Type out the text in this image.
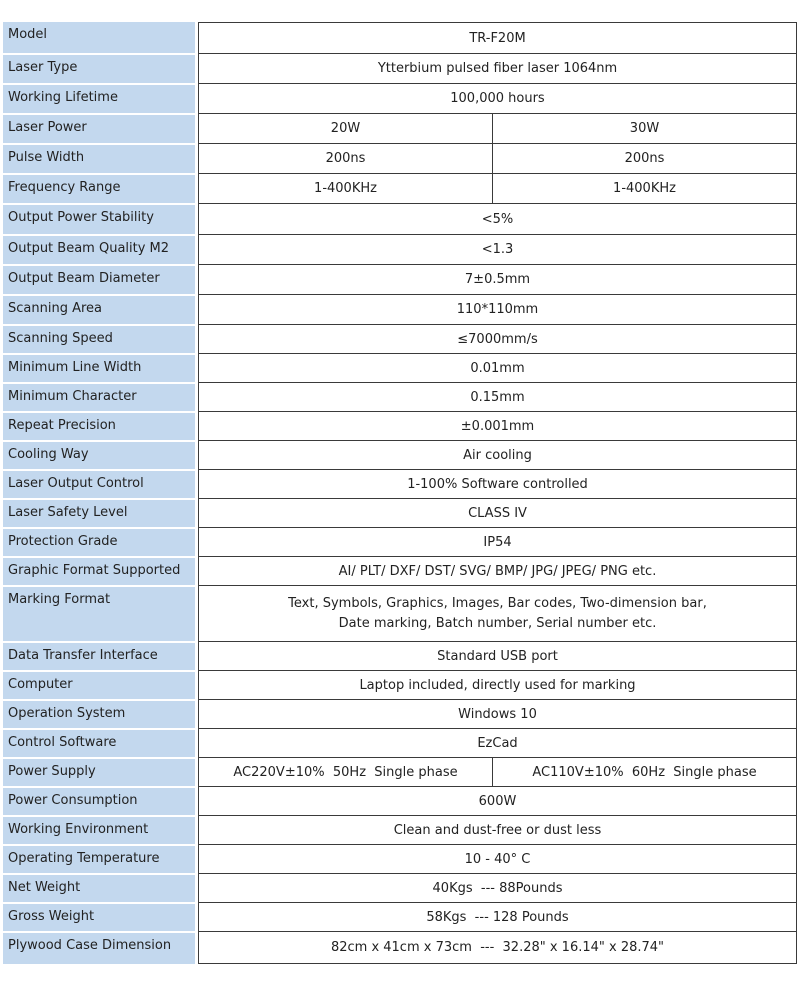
Model		TR-F20M	
Laser Type		Ytterbium pulsed fiber laser 1064nm	
Working Lifetime		100,000 hours	
Laser Power		20W	30W
Pulse Width		200ns	200ns
Frequency Range		1-400KHz	1-400KHz
Output Power Stability		<5%	
Output Beam Quality M2		<1.3	
Output Beam Diameter		7±0.5mm	
Scanning Area		110*110mm	
Scanning Speed		≤7000mm/s	
Minimum Line Width		0.01mm	
Minimum Character		0.15mm	
Repeat Precision		±0.001mm	
Cooling Way		Air cooling	
Laser Output Control		1-100% Software controlled	
Laser Safety Level		CLASS IV	
Protection Grade		IP54	
Graphic Format Supported		AI/ PLT/ DXF/ DST/ SVG/ BMP/ JPG/ JPEG/ PNG etc.	
Marking Format		Text, Symbols, Graphics, Images, Bar codes, Two-dimension bar,
Date marking, Batch number, Serial number etc.	

Data Transfer Interface		Standard USB port	
Computer		Laptop included, directly used for marking	
Operation System		Windows 10	
Control Software		EzCad	
Power Supply		AC220V±10%  50Hz  Single phase	AC110V±10%  60Hz  Single phase
Power Consumption		600W	
Working Environment		Clean and dust-free or dust less	
Operating Temperature		10 - 40° C	
Net Weight		40Kgs  --- 88Pounds	
Gross Weight		58Kgs  --- 128 Pounds	
Plywood Case Dimension		82cm x 41cm x 73cm  ---  32.28" x 16.14" x 28.74"	
